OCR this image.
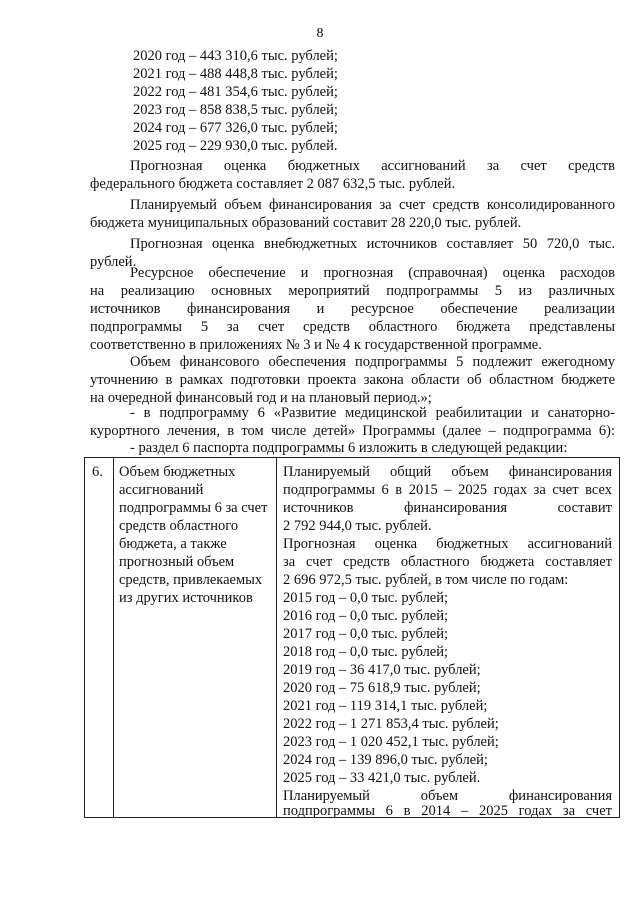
8
2020 год – 443 310,6 тыс. рублей;
2021 год – 488 448,8 тыс. рублей;
2022 год – 481 354,6 тыс. рублей;
2023 год – 858 838,5 тыс. рублей;
2024 год – 677 326,0 тыс. рублей;
2025 год – 229 930,0 тыс. рублей.
Прогнозная оценка бюджетных ассигнований за счет средств
федерального бюджета составляет 2 087 632,5 тыс. рублей.
Планируемый объем финансирования за счет средств консолидированного
бюджета муниципальных образований составит 28 220,0 тыс. рублей.
Прогнозная оценка внебюджетных источников составляет 50 720,0 тыс.
рублей.
Ресурсное обеспечение и прогнозная (справочная) оценка расходов
на реализацию основных мероприятий подпрограммы 5 из различных
источников финансирования и ресурсное обеспечение реализации
подпрограммы 5 за счет средств областного бюджета представлены
соответственно в приложениях № 3 и № 4 к государственной программе.
Объем финансового обеспечения подпрограммы 5 подлежит ежегодному
уточнению в рамках подготовки проекта закона области об областном бюджете
на очередной финансовый год и на плановый период.»;
- в подпрограмму 6 «Развитие медицинской реабилитации и санаторно-
курортного лечения, в том числе детей» Программы (далее – подпрограмма 6):
- раздел 6 паспорта подпрограммы 6 изложить в следующей редакции:
6. Объем бюджетных
ассигнований
подпрограммы 6 за счет
средств областного
бюджета, а также
прогнозный объем
средств, привлекаемых
из других источников
Планируемый общий объем финансирования
подпрограммы 6 в 2015 – 2025 годах за счет всех
источников финансирования составит
2 792 944,0 тыс. рублей.
Прогнозная оценка бюджетных ассигнований
за счет средств областного бюджета составляет
2 696 972,5 тыс. рублей, в том числе по годам:
2015 год – 0,0 тыс. рублей;
2016 год – 0,0 тыс. рублей;
2017 год – 0,0 тыс. рублей;
2018 год – 0,0 тыс. рублей;
2019 год – 36 417,0 тыс. рублей;
2020 год – 75 618,9 тыс. рублей;
2021 год – 119 314,1 тыс. рублей;
2022 год – 1 271 853,4 тыс. рублей;
2023 год – 1 020 452,1 тыс. рублей;
2024 год – 139 896,0 тыс. рублей;
2025 год – 33 421,0 тыс. рублей.
Планируемый объем финансирования
подпрограммы 6 в 2014 – 2025 годах за счет
